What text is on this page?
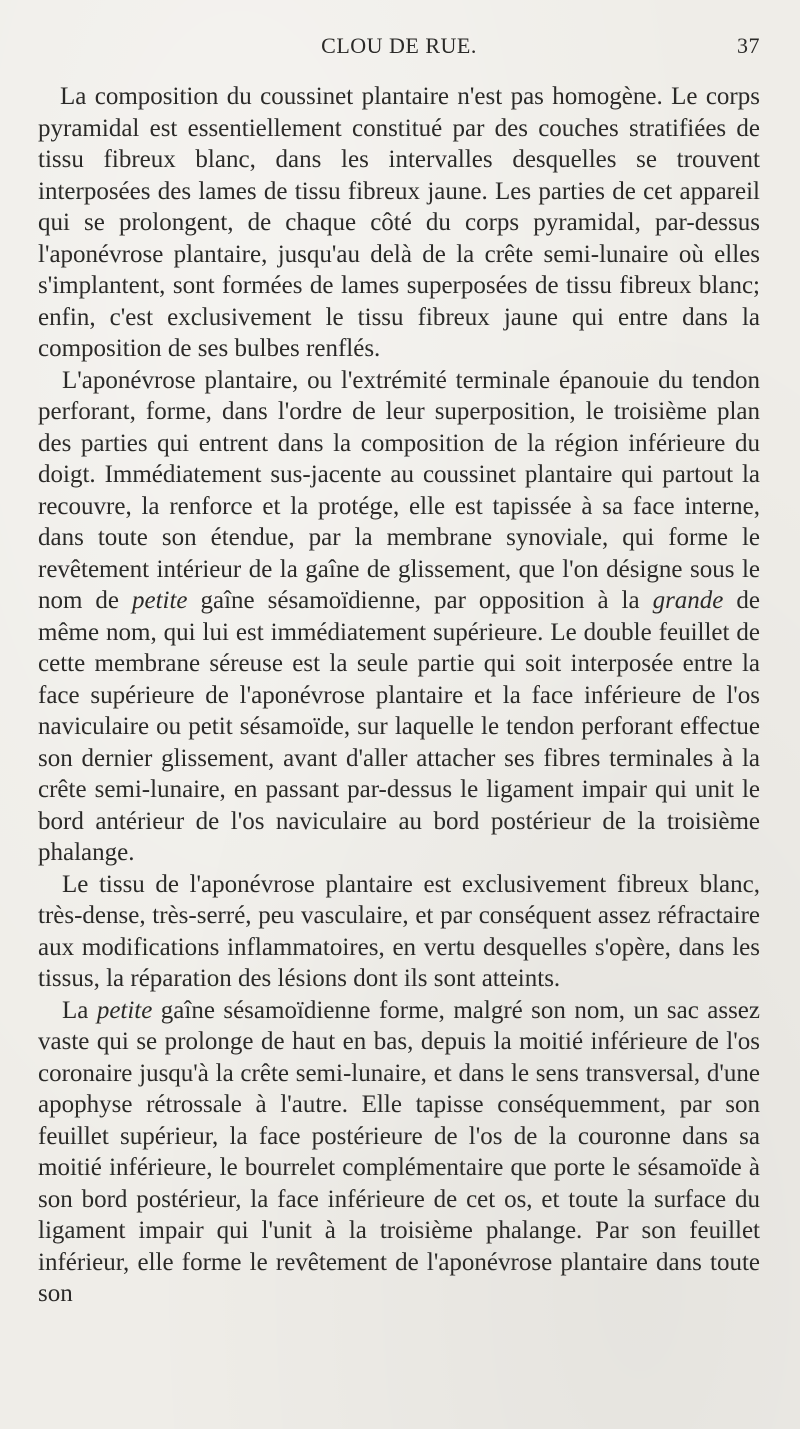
CLOU DE RUE.	37

La composition du coussinet plantaire n'est pas homogène. Le corps pyramidal est essentiellement constitué par des couches stratifiées de tissu fibreux blanc, dans les intervalles desquelles se trouvent interposées des lames de tissu fibreux jaune. Les parties de cet appareil qui se prolongent, de chaque côté du corps pyramidal, par-dessus l'aponévrose plantaire, jusqu'au delà de la crête semi-lunaire où elles s'implantent, sont formées de lames superposées de tissu fibreux blanc; enfin, c'est exclusivement le tissu fibreux jaune qui entre dans la composition de ses bulbes renflés.

L'aponévrose plantaire, ou l'extrémité terminale épanouie du tendon perforant, forme, dans l'ordre de leur superposition, le troisième plan des parties qui entrent dans la composition de la région inférieure du doigt. Immédiatement sus-jacente au coussinet plantaire qui partout la recouvre, la renforce et la protége, elle est tapissée à sa face interne, dans toute son étendue, par la membrane synoviale, qui forme le revêtement intérieur de la gaîne de glissement, que l'on désigne sous le nom de petite gaîne sésamoïdienne, par opposition à la grande de même nom, qui lui est immédiatement supérieure. Le double feuillet de cette membrane séreuse est la seule partie qui soit interposée entre la face supérieure de l'aponévrose plantaire et la face inférieure de l'os naviculaire ou petit sésamoïde, sur laquelle le tendon perforant effectue son dernier glissement, avant d'aller attacher ses fibres terminales à la crête semi-lunaire, en passant par-dessus le ligament impair qui unit le bord antérieur de l'os naviculaire au bord postérieur de la troisième phalange.

Le tissu de l'aponévrose plantaire est exclusivement fibreux blanc, très-dense, très-serré, peu vasculaire, et par conséquent assez réfractaire aux modifications inflammatoires, en vertu desquelles s'opère, dans les tissus, la réparation des lésions dont ils sont atteints.

La petite gaîne sésamoïdienne forme, malgré son nom, un sac assez vaste qui se prolonge de haut en bas, depuis la moitié inférieure de l'os coronaire jusqu'à la crête semi-lunaire, et dans le sens transversal, d'une apophyse rétrossale à l'autre. Elle tapisse conséquemment, par son feuillet supérieur, la face postérieure de l'os de la couronne dans sa moitié inférieure, le bourrelet complémentaire que porte le sésamoïde à son bord postérieur, la face inférieure de cet os, et toute la surface du ligament impair qui l'unit à la troisième phalange. Par son feuillet inférieur, elle forme le revêtement de l'aponévrose plantaire dans toute son
